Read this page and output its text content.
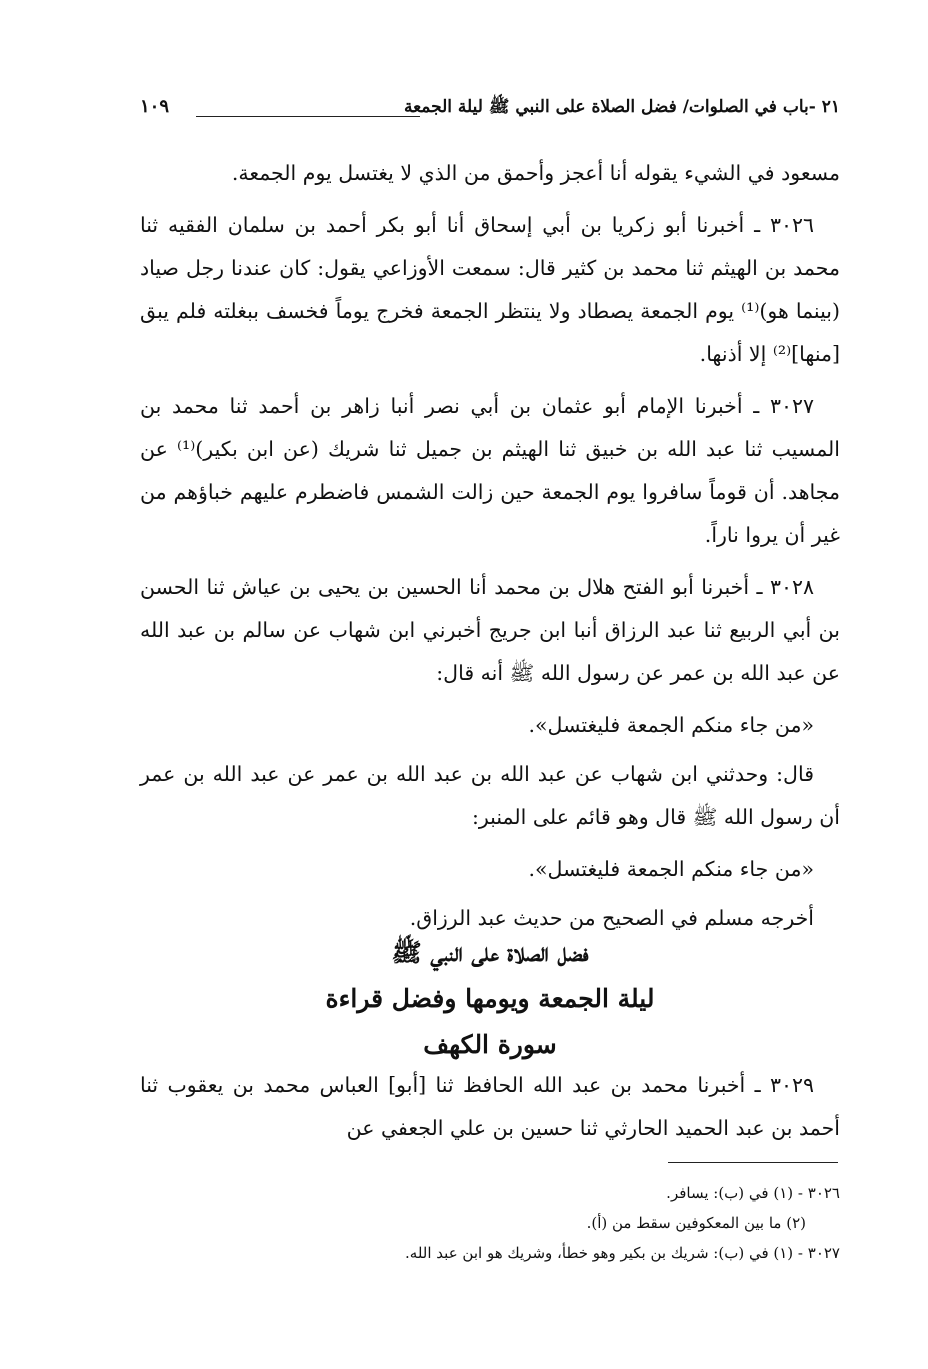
٢١ -باب في الصلوات/ فضل الصلاة على النبي ﷺ ليلة الجمعة
١٠٩

مسعود في الشيء يقوله أنا أعجز وأحمق من الذي لا يغتسل يوم الجمعة.

٣٠٢٦ ـ أخبرنا أبو زكريا بن أبي إسحاق أنا أبو بكر أحمد بن سلمان الفقيه ثنا محمد بن الهيثم ثنا محمد بن كثير قال: سمعت الأوزاعي يقول: كان عندنا رجل صياد (بينما هو)⁽¹⁾ يوم الجمعة يصطاد ولا ينتظر الجمعة فخرج يوماً فخسف ببغلته فلم يبق [منها]⁽²⁾ إلا أذنها.

٣٠٢٧ ـ أخبرنا الإمام أبو عثمان بن أبي نصر أنبا زاهر بن أحمد ثنا محمد بن المسيب ثنا عبد الله بن خبيق ثنا الهيثم بن جميل ثنا شريك (عن ابن بكير)⁽¹⁾ عن مجاهد. أن قوماً سافروا يوم الجمعة حين زالت الشمس فاضطرم عليهم خباؤهم من غير أن يروا ناراً.

٣٠٢٨ ـ أخبرنا أبو الفتح هلال بن محمد أنا الحسين بن يحيى بن عياش ثنا الحسن بن أبي الربيع ثنا عبد الرزاق أنبا ابن جريج أخبرني ابن شهاب عن سالم بن عبد الله عن عبد الله بن عمر عن رسول الله ﷺ أنه قال:

«من جاء منكم الجمعة فليغتسل».

قال: وحدثني ابن شهاب عن عبد الله بن عبد الله بن عمر عن عبد الله بن عمر أن رسول الله ﷺ قال وهو قائم على المنبر:

«من جاء منكم الجمعة فليغتسل».

أخرجه مسلم في الصحيح من حديث عبد الرزاق.

فضل الصلاة على النبي ﷺ
ليلة الجمعة ويومها وفضل قراءة
سورة الكهف

٣٠٢٩ ـ أخبرنا محمد بن عبد الله الحافظ ثنا [أبو] العباس محمد بن يعقوب ثنا أحمد بن عبد الحميد الحارثي ثنا حسين بن علي الجعفي عن

٣٠٢٦ - (١) في (ب): يسافر.
(٢) ما بين المعكوفين سقط من (أ).
٣٠٢٧ - (١) في (ب): شريك بن بكير وهو خطأ، وشريك هو ابن عبد الله.
